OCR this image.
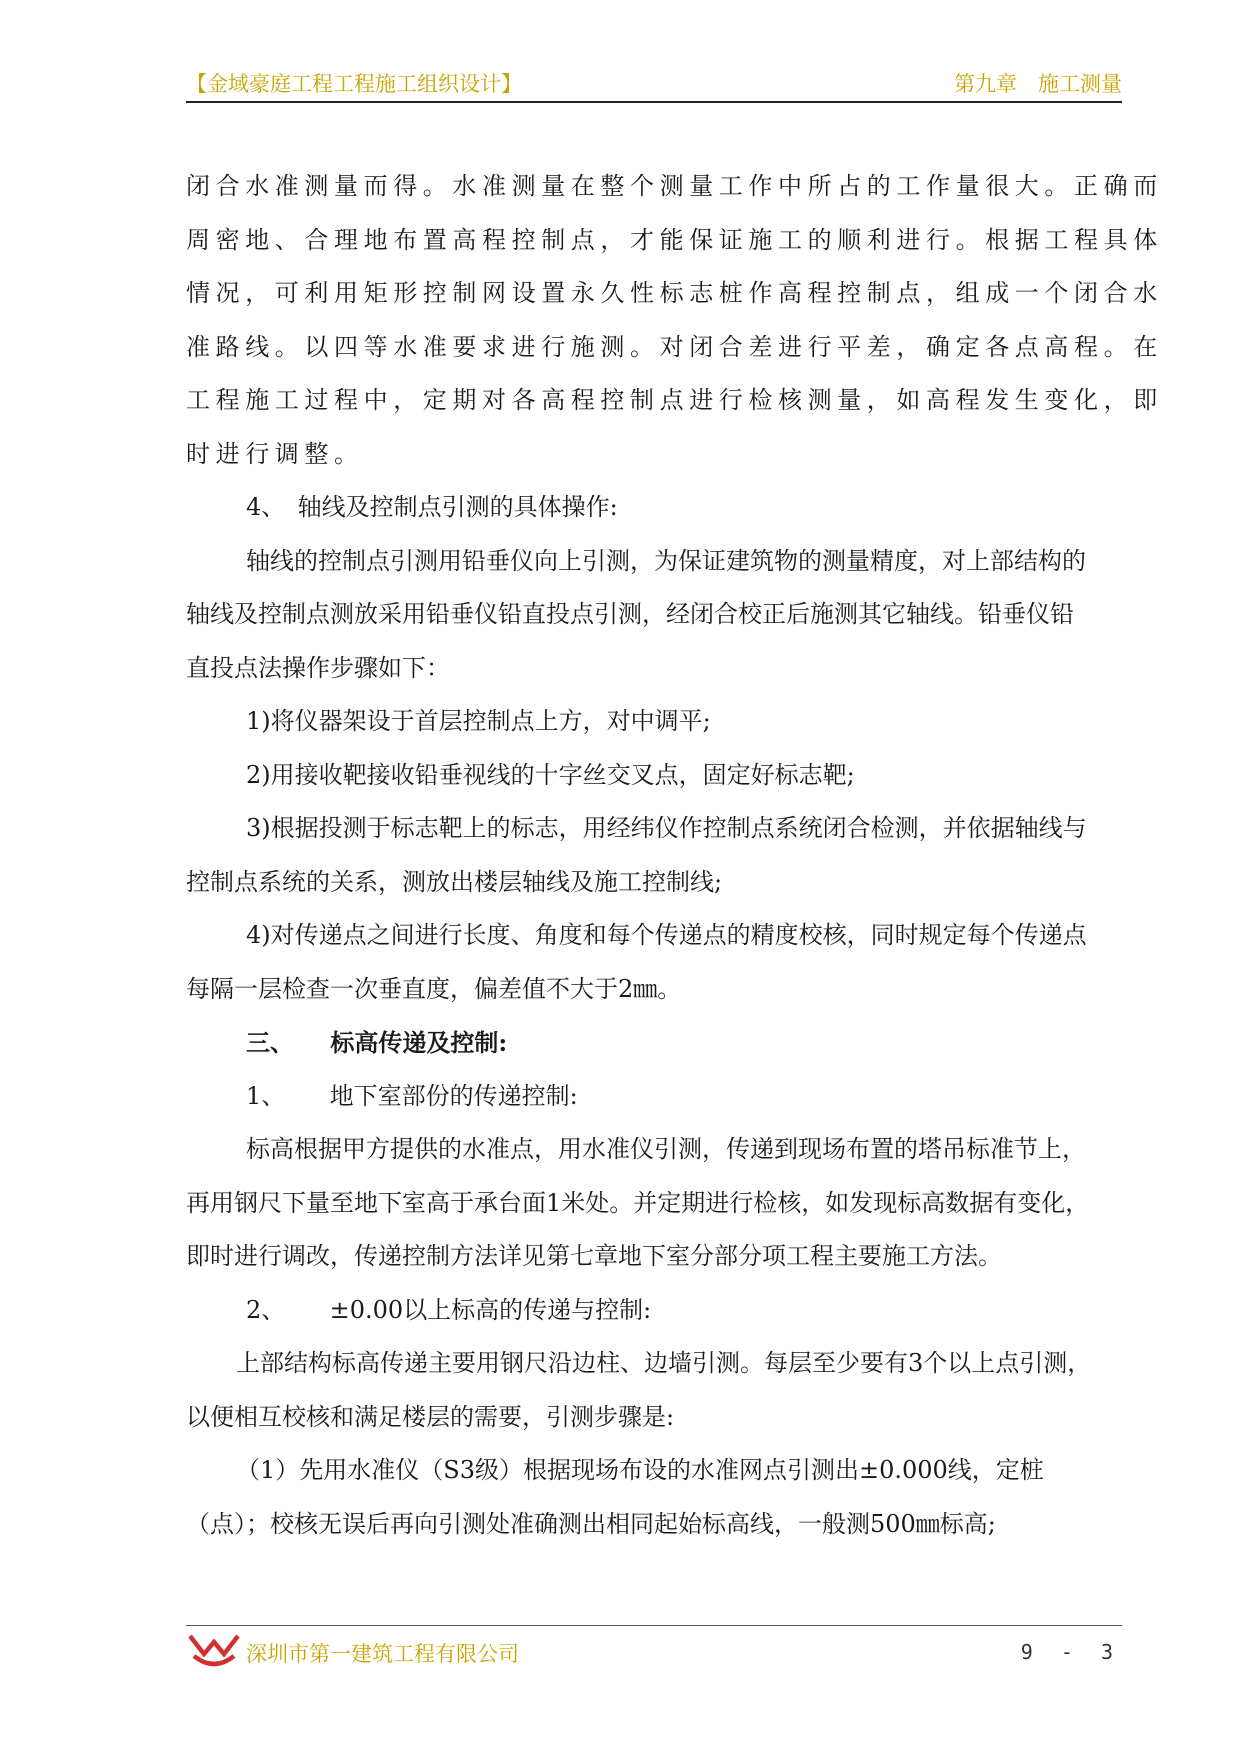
【金域豪庭工程工程施工组织设计】	第九章　施工测量

闭合水准测量而得。水准测量在整个测量工作中所占的工作量很大。正确而

周密地、合理地布置高程控制点，才能保证施工的顺利进行。根据工程具体

情况，可利用矩形控制网设置永久性标志桩作高程控制点，组成一个闭合水

准路线。以四等水准要求进行施测。对闭合差进行平差，确定各点高程。在

工程施工过程中，定期对各高程控制点进行检核测量，如高程发生变化，即

时进行调整。

4、 轴线及控制点引测的具体操作:

轴线的控制点引测用铅垂仪向上引测，为保证建筑物的测量精度，对上部结构的

轴线及控制点测放采用铅垂仪铅直投点引测，经闭合校正后施测其它轴线。铅垂仪铅

直投点法操作步骤如下：

1)将仪器架设于首层控制点上方，对中调平;

2)用接收靶接收铅垂视线的十字丝交叉点，固定好标志靶;

3)根据投测于标志靶上的标志，用经纬仪作控制点系统闭合检测，并依据轴线与

控制点系统的关系，测放出楼层轴线及施工控制线;

4)对传递点之间进行长度、角度和每个传递点的精度校核，同时规定每个传递点

每隔一层检查一次垂直度，偏差值不大于2㎜。

三、 标高传递及控制:

1、 地下室部份的传递控制:

标高根据甲方提供的水准点，用水准仪引测，传递到现场布置的塔吊标准节上，

再用钢尺下量至地下室高于承台面1米处。并定期进行检核，如发现标高数据有变化，

即时进行调改，传递控制方法详见第七章地下室分部分项工程主要施工方法。

2、 ±0.00以上标高的传递与控制:

上部结构标高传递主要用钢尺沿边柱、边墙引测。每层至少要有3个以上点引测，

以便相互校核和满足楼层的需要，引测步骤是:

（1）先用水准仪（S3级）根据现场布设的水准网点引测出±0.000线，定桩

（点）；校核无误后再向引测处准确测出相同起始标高线，一般测500㎜标高;

深圳市第一建筑工程有限公司	9 - 3
